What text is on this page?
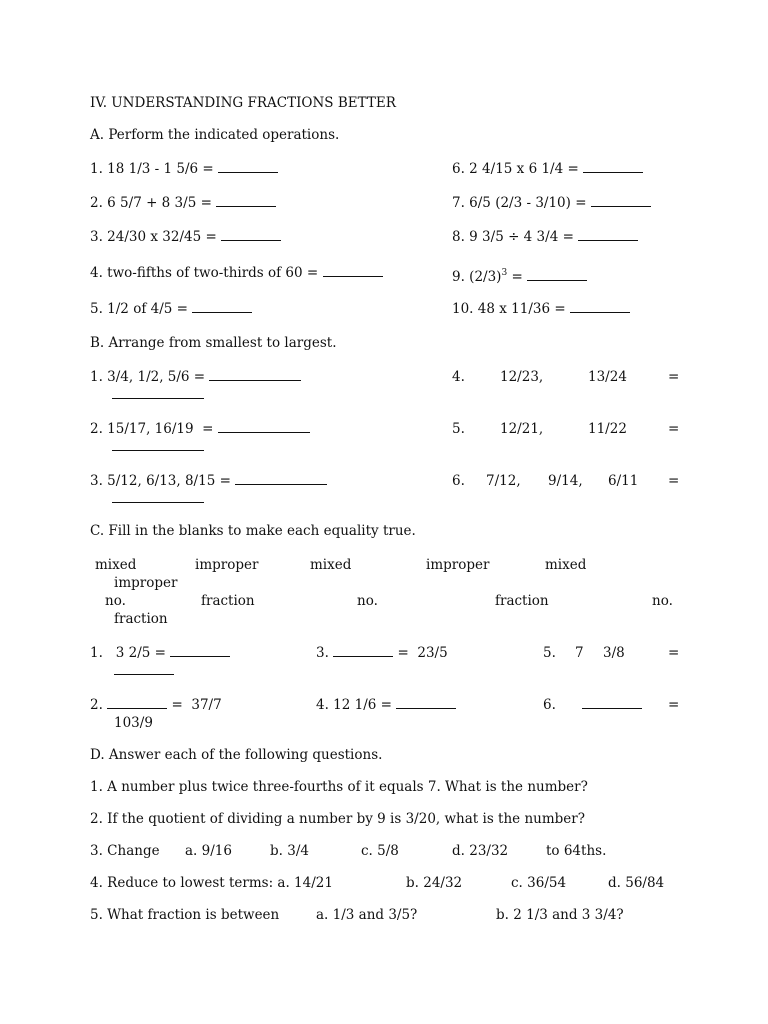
IV. UNDERSTANDING FRACTIONS BETTER
A. Perform the indicated operations.
1. 18 1/3 - 1 5/6 =	6. 2 4/15 x 6 1/4 =
2. 6 5/7 + 8 3/5 =	7. 6/5 (2/3 - 3/10) =
3. 24/30 x 32/45 =	8. 9 3/5 ÷ 4 3/4 =
4. two-fifths of two-thirds of 60 =	9. $(2/3)^3$ =
5. 1/2 of 4/5 =	10. 48 x 11/36 =
B. Arrange from smallest to largest.
1. 3/4, 1/2, 5/6 =	4.	12/23,	13/24	=
2. 15/17, 16/19  =	5.	12/21,	11/22	=
3. 5/12, 6/13, 8/15 =	6. 7/12, 9/14, 6/11 =
C. Fill in the blanks to make each equality true.
mixed	improper	mixed	improper	mixed
improper
no.	fraction	no.	fraction	no.
fraction
1.   3 2/5 =	3.	=  23/5	5. 7 3/8	=
2.	=  37/7	4. 12 1/6 =	6.	=
103/9
D. Answer each of the following questions.
1. A number plus twice three-fourths of it equals 7. What is the number?
2. If the quotient of dividing a number by 9 is 3/20, what is the number?
3. Change a. 9/16	b. 3/4	c. 5/8	d. 23/32	to 64ths.
4. Reduce to lowest terms: a. 14/21	b. 24/32	c. 36/54	d. 56/84
5. What fraction is between	a. 1/3 and 3/5?	b. 2 1/3 and 3 3/4?
